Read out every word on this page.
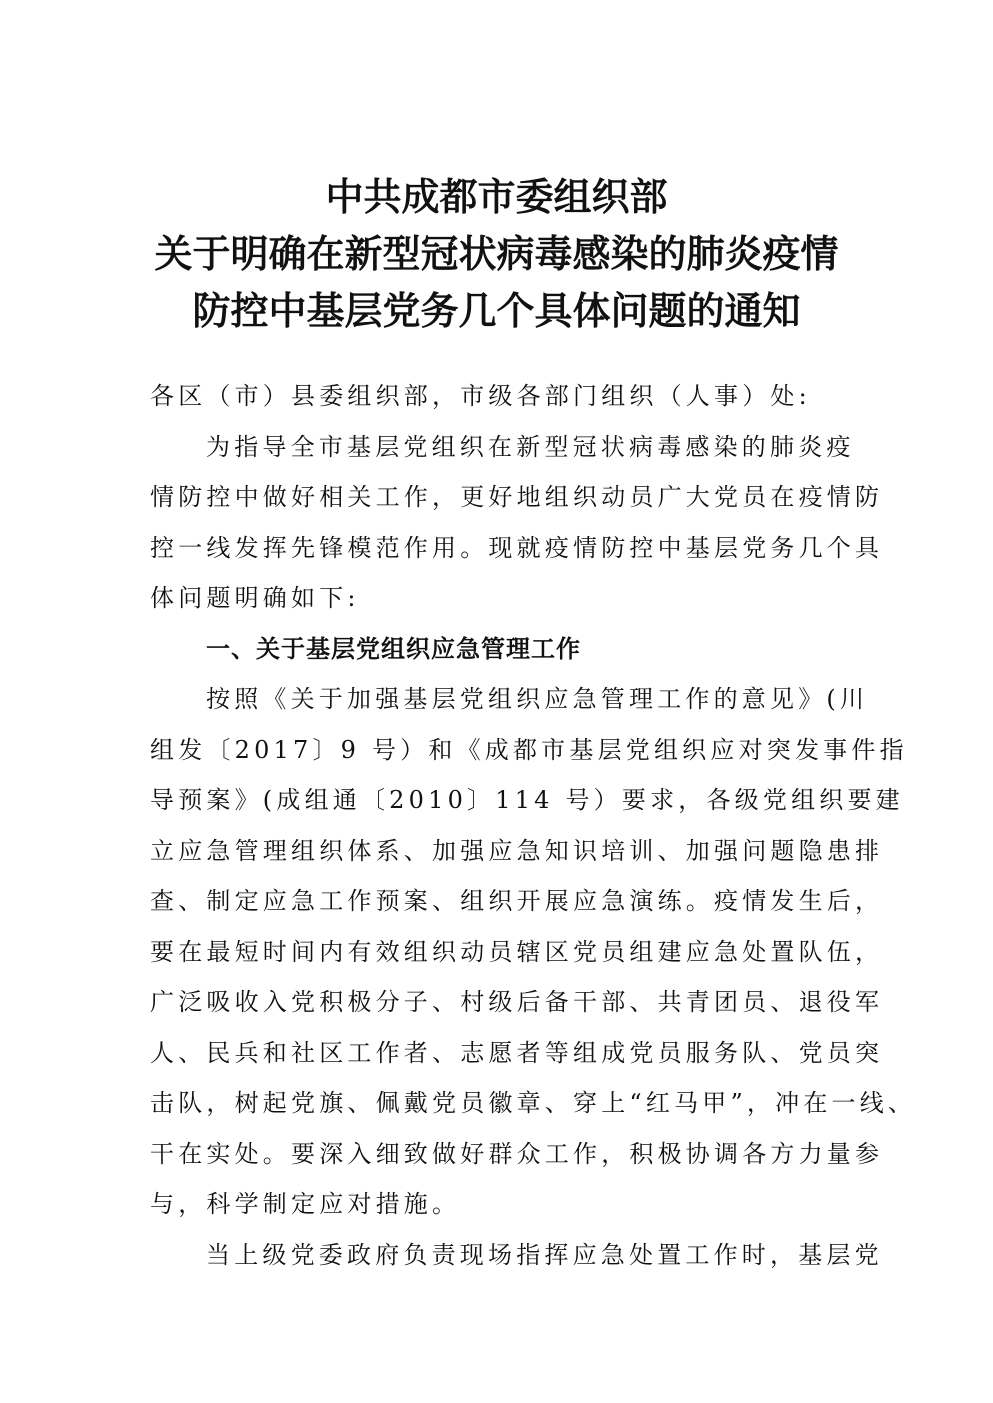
中共成都市委组织部
关于明确在新型冠状病毒感染的肺炎疫情
防控中基层党务几个具体问题的通知
各区（市）县委组织部，市级各部门组织（人事）处:
为指导全市基层党组织在新型冠状病毒感染的肺炎疫
情防控中做好相关工作，更好地组织动员广大党员在疫情防
控一线发挥先锋模范作用。现就疫情防控中基层党务几个具
体问题明确如下:
一、关于基层党组织应急管理工作
按照《关于加强基层党组织应急管理工作的意见》(川
组发〔2017〕9 号）和《成都市基层党组织应对突发事件指
导预案》(成组通〔2010〕114 号）要求，各级党组织要建
立应急管理组织体系、加强应急知识培训、加强问题隐患排
查、制定应急工作预案、组织开展应急演练。疫情发生后，
要在最短时间内有效组织动员辖区党员组建应急处置队伍，
广泛吸收入党积极分子、村级后备干部、共青团员、退役军
人、民兵和社区工作者、志愿者等组成党员服务队、党员突
击队，树起党旗、佩戴党员徽章、穿上“红马甲”，冲在一线、
干在实处。要深入细致做好群众工作，积极协调各方力量参
与，科学制定应对措施。
当上级党委政府负责现场指挥应急处置工作时，基层党
